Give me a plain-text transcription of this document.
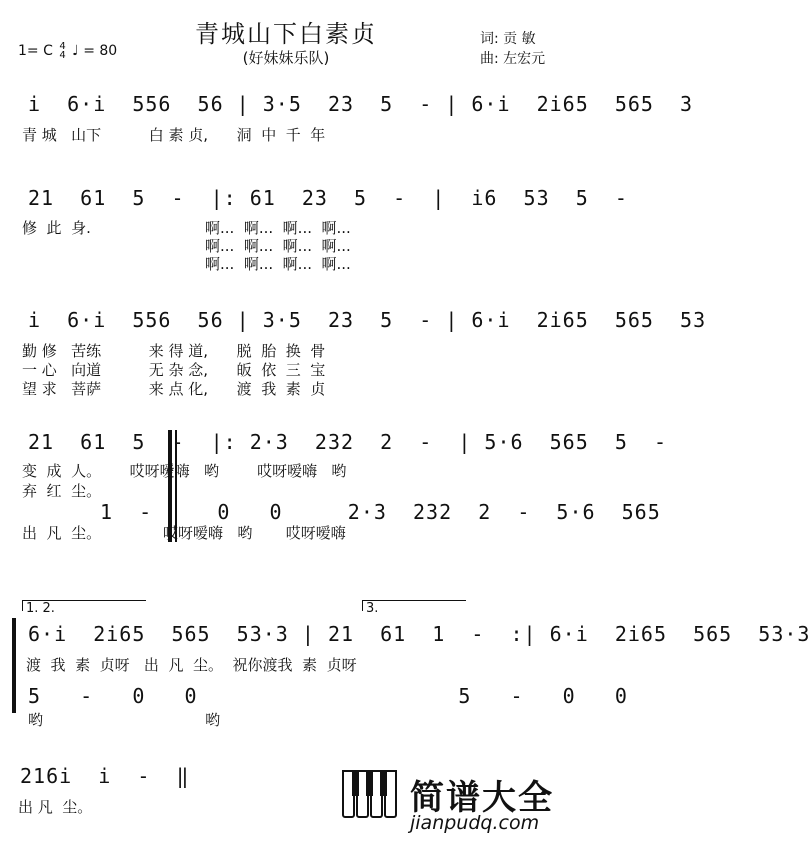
青城山下白素贞
(好妹妹乐队)
词: 贡 敏
曲: 左宏元
1= C 4
4 ♩ = 80
i  6·i  556  56 | 3·5  23  5  - | 6·i  2i65  565  3
青 城   山下          白 素 贞,      洞  中  千  年
21  61  5  -  |: 61  23  5  -  |  i6  53  5  -
修  此  身.	啊...  啊...  啊...  啊...
啊...  啊...  啊...  啊...
啊...  啊...  啊...  啊...
i  6·i  556  56 | 3·5  23  5  - | 6·i  2i65  565  53
勤 修   苦练          来 得 道,      脱  胎  换  骨
一 心   向道          无 杂 念,      皈  依  三  宝
望 求   菩萨          来 点 化,      渡  我  素  贞
21  61  5  -  |: 2·3  232  2  -  | 5·6  565  5  -
变  成  人。      哎呀嗳嗨   哟        哎呀嗳嗨   哟
弃  红  尘。
1  -     0   0     2·3  232  2  -  5·6  565
出  凡  尘。             哎呀嗳嗨   哟       哎呀嗳嗨
1. 2.	3.
6·i  2i65  565  53·3 | 21  61  1  -  :| 6·i  2i65  565  53·3
渡  我  素  贞呀   出  凡  尘。  祝你渡我  素  贞呀
5   -   0   0                    5   -   0   0
哟                                  哟
216i  i  -  ‖
出 凡  尘。	简谱大全
jianpudq.com
